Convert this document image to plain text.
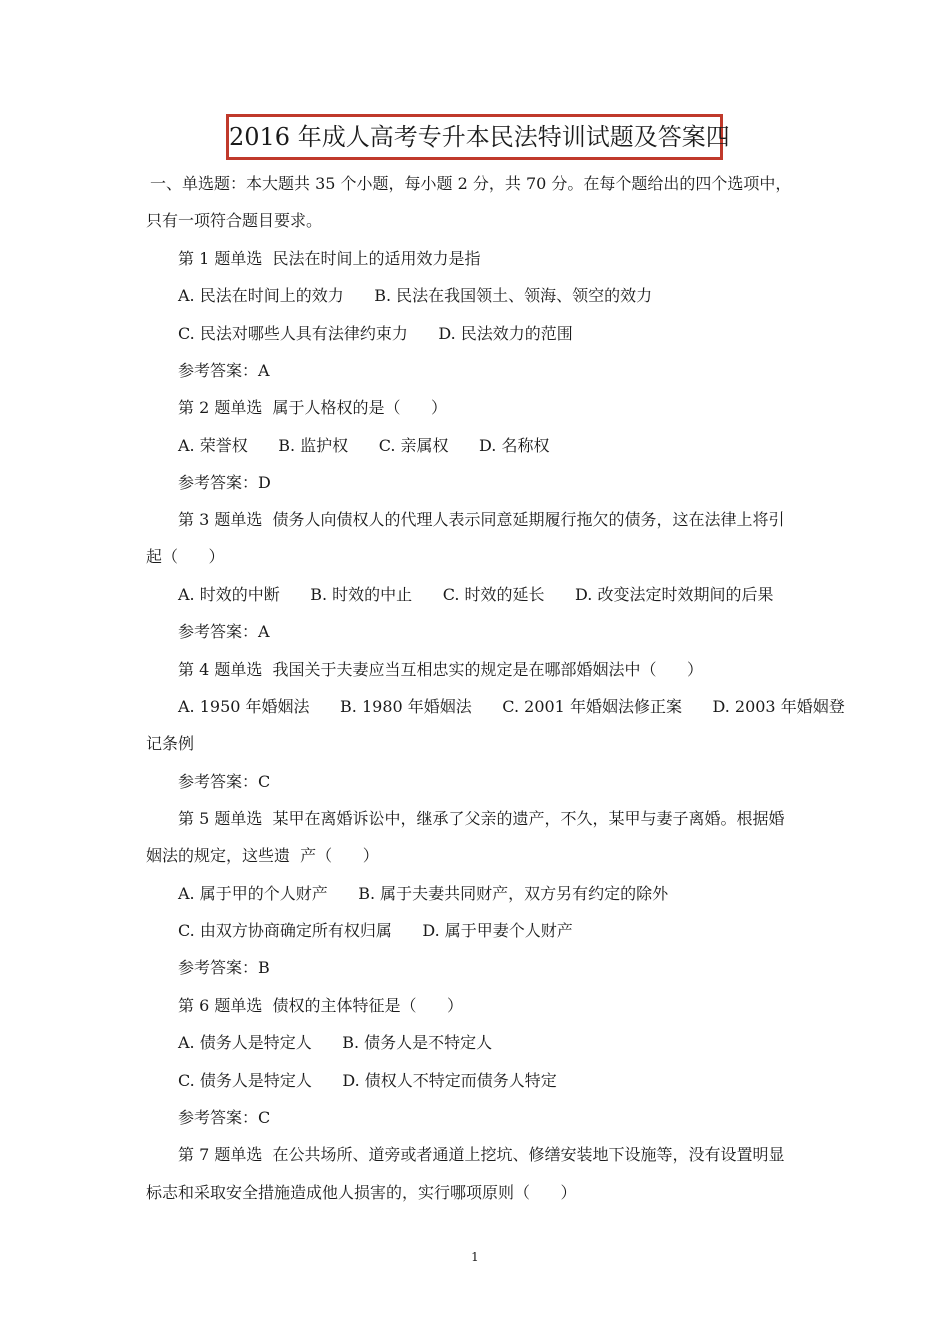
2016 年成人高考专升本民法特训试题及答案四
一、单选题：本大题共 35 个小题，每小题 2 分，共 70 分。在每个题给出的四个选项中，
只有一项符合题目要求。
第 1 题单选  民法在时间上的适用效力是指
A. 民法在时间上的效力      B. 民法在我国领土、领海、领空的效力
C. 民法对哪些人具有法律约束力      D. 民法效力的范围
参考答案：A
第 2 题单选  属于人格权的是（      ）
A. 荣誉权      B. 监护权      C. 亲属权      D. 名称权
参考答案：D
第 3 题单选  债务人向债权人的代理人表示同意延期履行拖欠的债务，这在法律上将引
起（      ）
A. 时效的中断      B. 时效的中止      C. 时效的延长      D. 改变法定时效期间的后果
参考答案：A
第 4 题单选  我国关于夫妻应当互相忠实的规定是在哪部婚姻法中（      ）
A. 1950 年婚姻法      B. 1980 年婚姻法      C. 2001 年婚姻法修正案      D. 2003 年婚姻登
记条例
参考答案：C
第 5 题单选  某甲在离婚诉讼中，继承了父亲的遗产，不久，某甲与妻子离婚。根据婚
姻法的规定，这些遗  产（      ）
A. 属于甲的个人财产      B. 属于夫妻共同财产，双方另有约定的除外
C. 由双方协商确定所有权归属      D. 属于甲妻个人财产
参考答案：B
第 6 题单选  债权的主体特征是（      ）
A. 债务人是特定人      B. 债务人是不特定人
C. 债务人是特定人      D. 债权人不特定而债务人特定
参考答案：C
第 7 题单选  在公共场所、道旁或者通道上挖坑、修缮安装地下设施等，没有设置明显
标志和采取安全措施造成他人损害的，实行哪项原则（      ）
1
